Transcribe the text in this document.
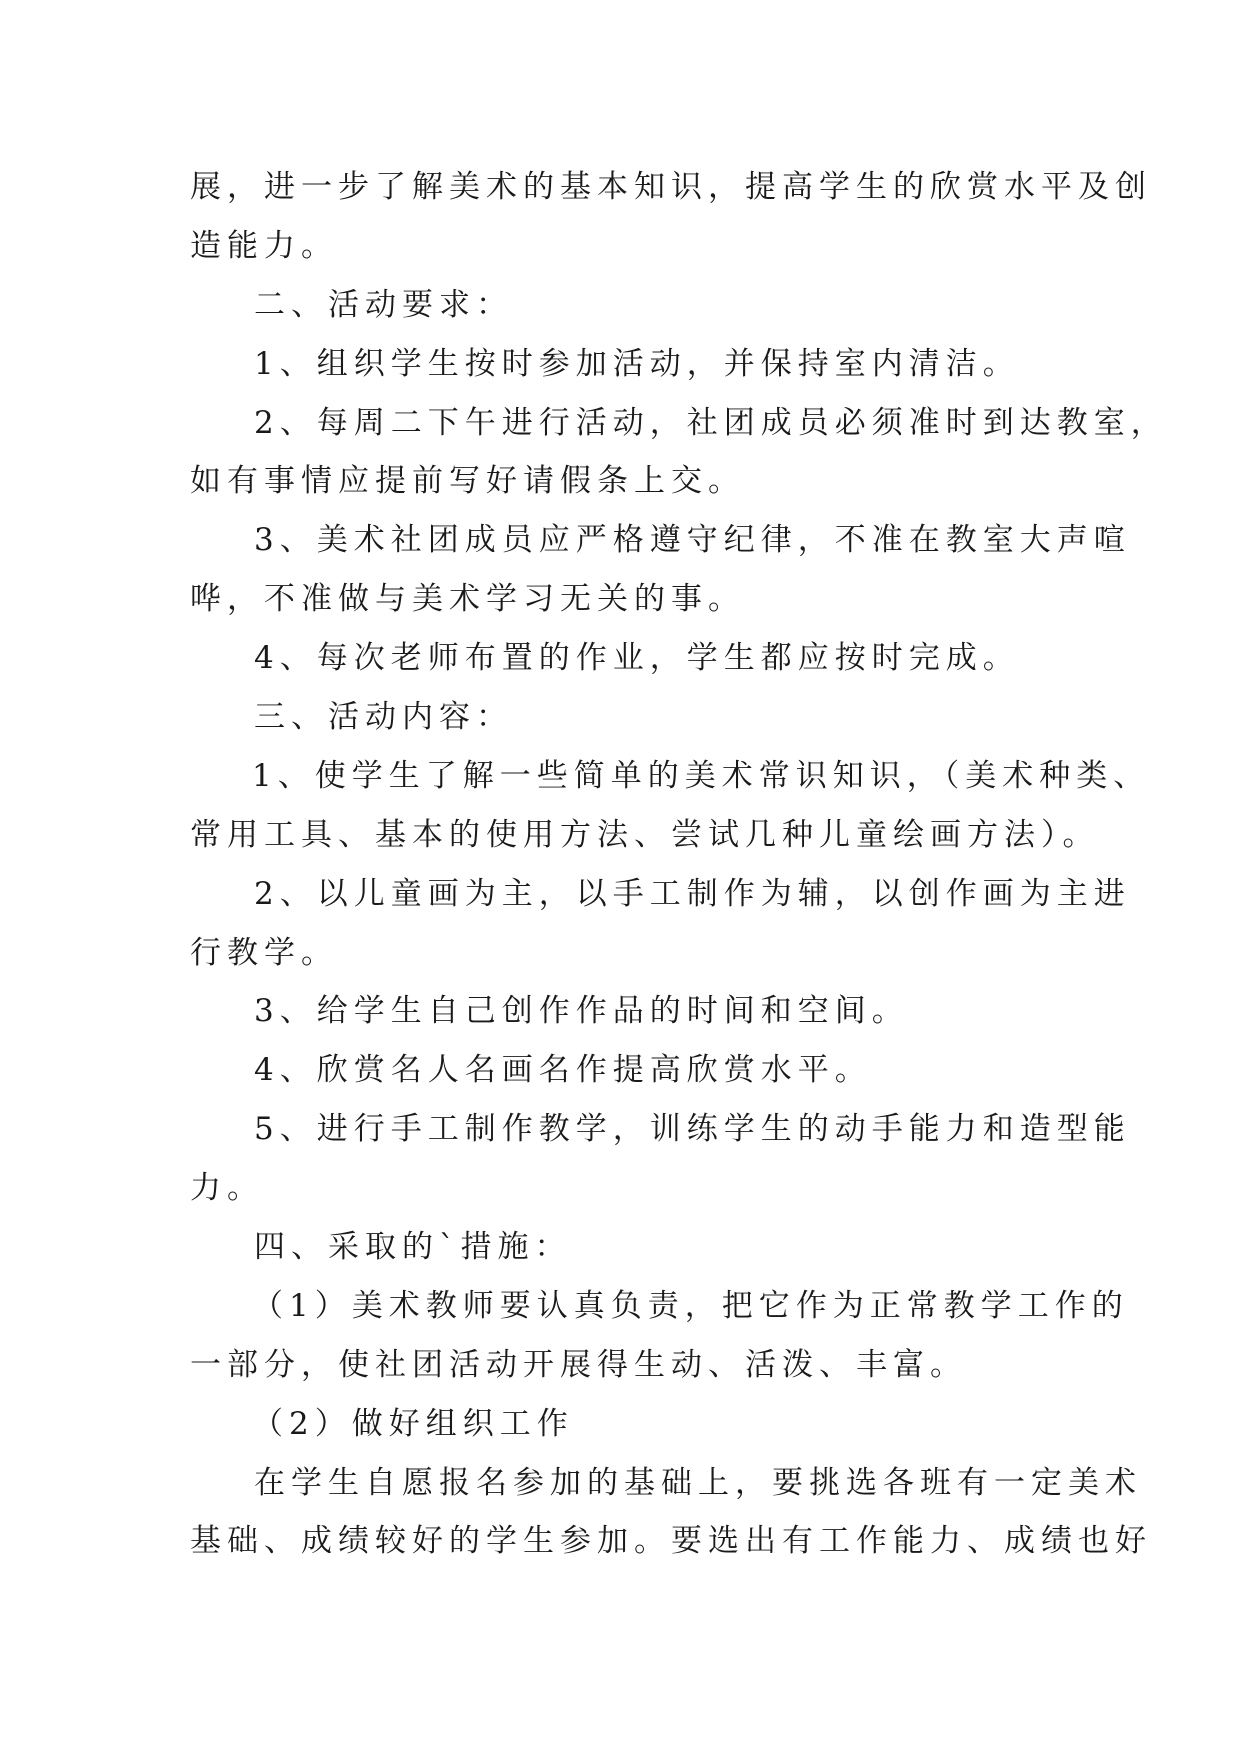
展，进一步了解美术的基本知识，提高学生的欣赏水平及创
造能力。
二、活动要求：
1、组织学生按时参加活动，并保持室内清洁。
2、每周二下午进行活动，社团成员必须准时到达教室，
如有事情应提前写好请假条上交。
3、美术社团成员应严格遵守纪律，不准在教室大声喧
哗，不准做与美术学习无关的事。
4、每次老师布置的作业，学生都应按时完成。
三、活动内容：
1、使学生了解一些简单的美术常识知识，（美术种类、
常用工具、基本的使用方法、尝试几种儿童绘画方法）。
2、以儿童画为主，以手工制作为辅，以创作画为主进
行教学。
3、给学生自己创作作品的时间和空间。
4、欣赏名人名画名作提高欣赏水平。
5、进行手工制作教学，训练学生的动手能力和造型能
力。
四、采取的`措施：
（1）美术教师要认真负责，把它作为正常教学工作的
一部分，使社团活动开展得生动、活泼、丰富。
（2）做好组织工作
在学生自愿报名参加的基础上，要挑选各班有一定美术
基础、成绩较好的学生参加。要选出有工作能力、成绩也好
